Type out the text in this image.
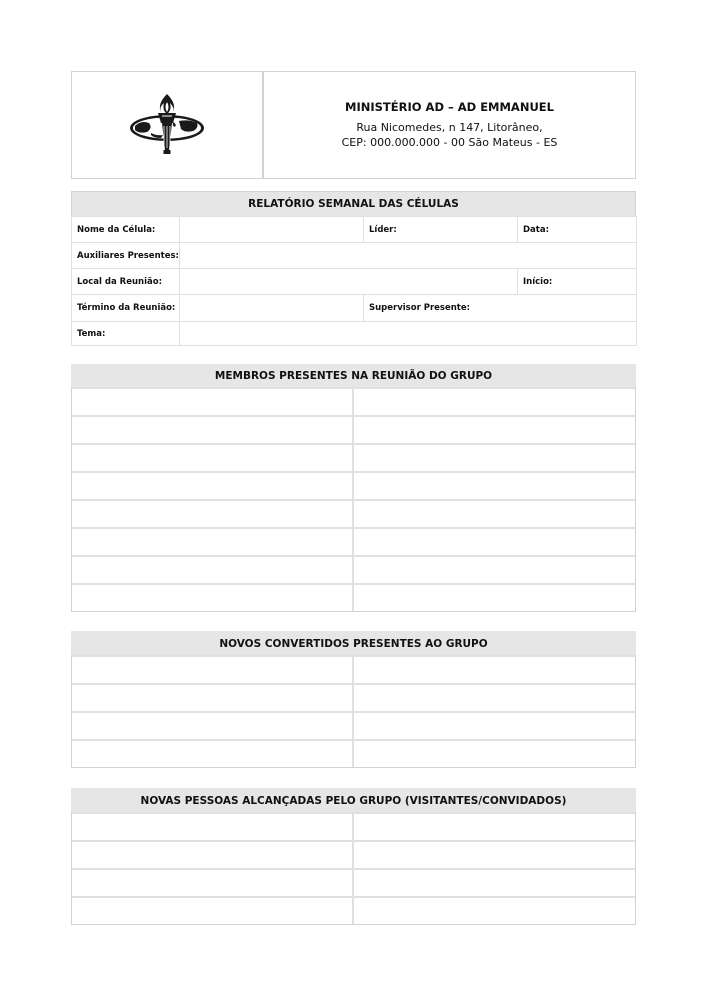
MINISTÉRIO AD – AD EMMANUEL
Rua Nicomedes, n 147, Litorâneo,
CEP: 000.000.000 - 00 São Mateus - ES
RELATÓRIO SEMANAL DAS CÉLULAS
Nome da Célula:		Líder:	Data:
Auxiliares Presentes:			
Local da Reunião:			Início:
Término da Reunião:		Supervisor Presente:	
Tema:			
MEMBROS PRESENTES NA REUNIÃO DO GRUPO
NOVOS CONVERTIDOS PRESENTES AO GRUPO
NOVAS PESSOAS ALCANÇADAS PELO GRUPO (VISITANTES/CONVIDADOS)
